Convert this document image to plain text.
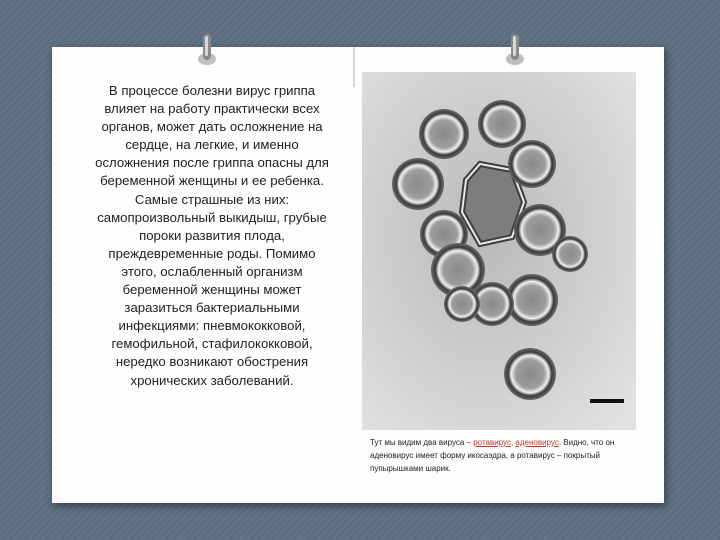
В процессе болезни вирус гриппа влияет на работу практически всех органов, может дать осложнение на сердце, на легкие, и именно осложнения после гриппа опасны для беременной женщины и ее ребенка. Самые страшные из них: самопроизвольный выкидыш, грубые пороки развития плода, преждевременные роды. Помимо этого, ослабленный организм беременной женщины может заразиться бактериальными инфекциями: пневмококковой, гемофильной, стафилококковой, нередко возникают обострения хронических заболеваний.

Тут мы видим два вируса – ротавирус, аденовирус. Видно, что он аденовирус имеет форму икосаэдра, а ротавирус – покрытый пупырышками шарик.
